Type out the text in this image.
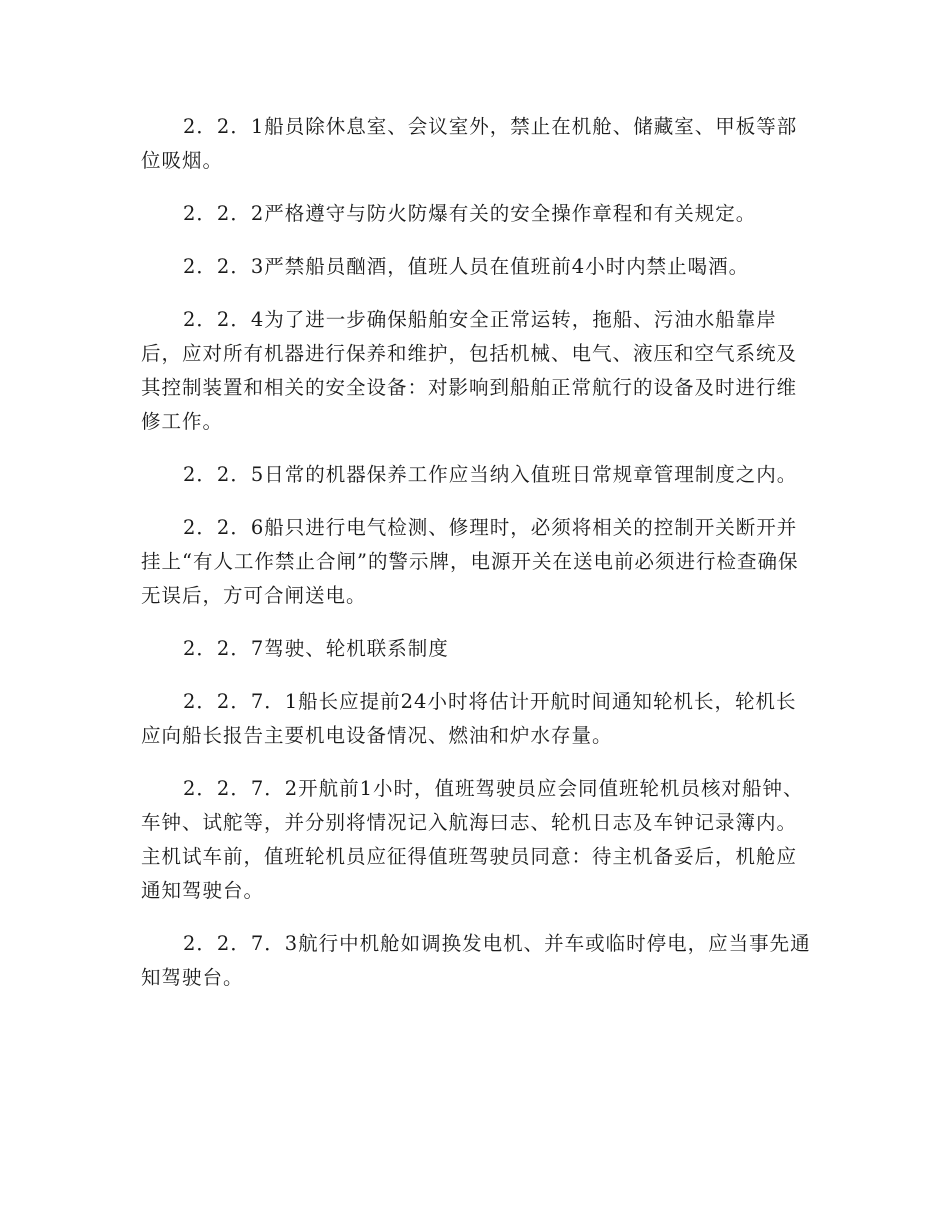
2．2．1船员除休息室、会议室外，禁止在机舱、储藏室、甲板等部位吸烟。

2．2．2严格遵守与防火防爆有关的安全操作章程和有关规定。

2．2．3严禁船员酗酒，值班人员在值班前4小时内禁止喝酒。

2．2．4为了进一步确保船舶安全正常运转，拖船、污油水船靠岸后，应对所有机器进行保养和维护，包括机械、电气、液压和空气系统及其控制装置和相关的安全设备：对影响到船舶正常航行的设备及时进行维修工作。

2．2．5日常的机器保养工作应当纳入值班日常规章管理制度之内。

2．2．6船只进行电气检测、修理时，必须将相关的控制开关断开并挂上“有人工作禁止合闸”的警示牌，电源开关在送电前必须进行检查确保无误后，方可合闸送电。

2．2．7驾驶、轮机联系制度

2．2．7．1船长应提前24小时将估计开航时间通知轮机长，轮机长应向船长报告主要机电设备情况、燃油和炉水存量。

2．2．7．2开航前1小时，值班驾驶员应会同值班轮机员核对船钟、车钟、试舵等，并分别将情况记入航海曰志、轮机日志及车钟记录簿内。主机试车前，值班轮机员应征得值班驾驶员同意：待主机备妥后，机舱应通知驾驶台。

2．2．7．3航行中机舱如调换发电机、并车或临时停电，应当事先通知驾驶台。
